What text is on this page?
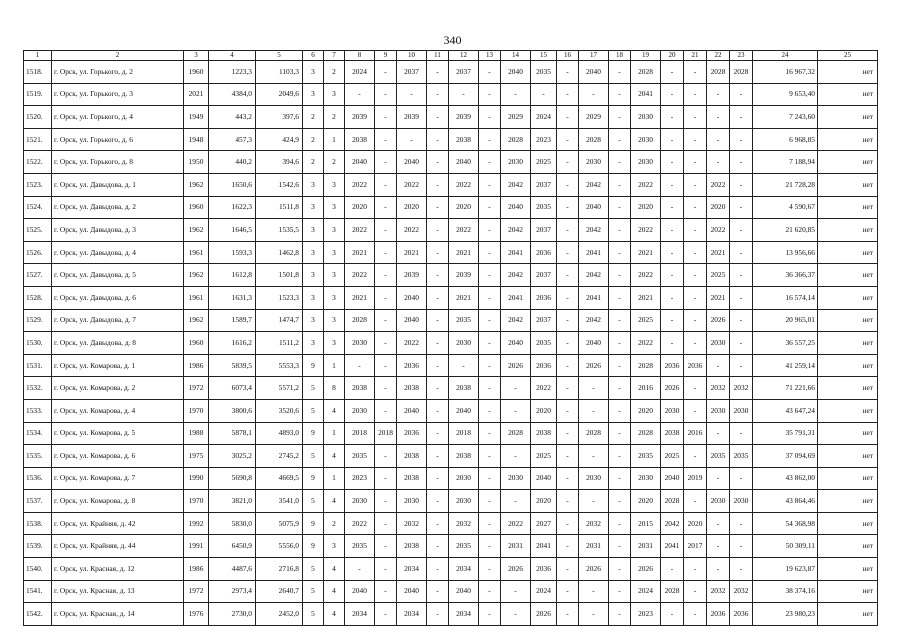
340
1	2	3	4	5	6	7	8	9	10	11	12	13	14	15	16	17	18	19	20	21	22	23	24	25
1518.	г. Орск, ул. Горького, д. 2	1960	1223,3	1103,3	3	2	2024	-	2037	-	2037	-	2040	2035	-	2040	-	2028	-	-	2028	2028	16 967,32	нет
1519.	г. Орск, ул. Горького, д. 3	2021	4384,0	2049,6	3	3	-	-	-	-	-	-	-	-	-	-	-	2041	-	-	-	-	9 653,40	нет
1520.	г. Орск, ул. Горького, д. 4	1949	443,2	397,6	2	2	2039	-	2039	-	2039	-	2029	2024	-	2029	-	2030	-	-	-	-	7 243,60	нет
1521.	г. Орск, ул. Горького, д. 6	1948	457,3	424,9	2	1	2038	-	-	-	2038	-	2028	2023	-	2028	-	2030	-	-	-	-	6 968,85	нет
1522.	г. Орск, ул. Горького, д. 8	1950	440,2	394,6	2	2	2040	-	2040	-	2040	-	2030	2025	-	2030	-	2030	-	-	-	-	7 188,94	нет
1523.	г. Орск, ул. Давыдова, д. 1	1962	1650,6	1542,6	3	3	2022	-	2022	-	2022	-	2042	2037	-	2042	-	2022	-	-	2022	-	21 728,28	нет
1524.	г. Орск, ул. Давыдова, д. 2	1960	1622,3	1511,8	3	3	2020	-	2020	-	2020	-	2040	2035	-	2040	-	2020	-	-	2020	-	4 590,67	нет
1525.	г. Орск, ул. Давыдова, д. 3	1962	1646,5	1535,5	3	3	2022	-	2022	-	2022	-	2042	2037	-	2042	-	2022	-	-	2022	-	21 620,85	нет
1526.	г. Орск, ул. Давыдова, д. 4	1961	1593,3	1462,8	3	3	2021	-	2021	-	2021	-	2041	2036	-	2041	-	2021	-	-	2021	-	13 956,66	нет
1527.	г. Орск, ул. Давыдова, д. 5	1962	1612,8	1501,8	3	3	2022	-	2039	-	2039	-	2042	2037	-	2042	-	2022	-	-	2025	-	36 366,37	нет
1528.	г. Орск, ул. Давыдова, д. 6	1961	1631,3	1523,3	3	3	2021	-	2040	-	2021	-	2041	2036	-	2041	-	2021	-	-	2021	-	16 574,14	нет
1529.	г. Орск, ул. Давыдова, д. 7	1962	1589,7	1474,7	3	3	2028	-	2040	-	2035	-	2042	2037	-	2042	-	2025	-	-	2026	-	20 965,01	нет
1530.	г. Орск, ул. Давыдова, д. 8	1960	1616,2	1511,2	3	3	2030	-	2022	-	2030	-	2040	2035	-	2040	-	2022	-	-	2030	-	36 557,25	нет
1531.	г. Орск, ул. Комарова, д. 1	1986	5839,5	5553,3	9	1	-	-	2036	-	-	-	2026	2036	-	2026	-	2028	2036	2036	-	-	41 259,14	нет
1532.	г. Орск, ул. Комарова, д. 2	1972	6073,4	5571,2	5	8	2038	-	2038	-	2038	-	-	2022	-	-	-	2016	2026	-	2032	2032	71 221,66	нет
1533.	г. Орск, ул. Комарова, д. 4	1970	3800,6	3520,6	5	4	2030	-	2040	-	2040	-	-	2020	-	-	-	2020	2030	-	2030	2030	43 647,24	нет
1534.	г. Орск, ул. Комарова, д. 5	1988	5878,1	4893,0	9	1	2018	2018	2036	-	2018	-	2028	2038	-	2028	-	2028	2038	2016	-	-	35 791,31	нет
1535.	г. Орск, ул. Комарова, д. 6	1975	3025,2	2745,2	5	4	2035	-	2038	-	2038	-	-	2025	-	-	-	2035	2025	-	2035	2035	37 094,69	нет
1536.	г. Орск, ул. Комарова, д. 7	1990	5690,8	4669,5	9	1	2023	-	2038	-	2030	-	2030	2040	-	2030	-	2030	2040	2019	-	-	43 862,00	нет
1537.	г. Орск, ул. Комарова, д. 8	1970	3821,0	3541,0	5	4	2030	-	2030	-	2030	-	-	2020	-	-	-	2020	2028	-	2030	2030	43 864,46	нет
1538.	г. Орск, ул. Крайняя, д. 42	1992	5830,0	5075,9	9	2	2022	-	2032	-	2032	-	2022	2027	-	2032	-	2015	2042	2020	-	-	54 368,98	нет
1539.	г. Орск, ул. Крайняя, д. 44	1991	6450,9	5556,0	9	3	2035	-	2038	-	2035	-	2031	2041	-	2031	-	2031	2041	2017	-	-	50 309,11	нет
1540.	г. Орск, ул. Красная, д. 12	1986	4487,6	2716,8	5	4	-	-	2034	-	2034	-	2026	2036	-	2026	-	2026	-	-	-	-	19 623,87	нет
1541.	г. Орск, ул. Красная, д. 13	1972	2973,4	2640,7	5	4	2040	-	2040	-	2040	-	-	2024	-	-	-	2024	2028	-	2032	2032	38 374,16	нет
1542.	г. Орск, ул. Красная, д. 14	1976	2730,0	2452,0	5	4	2034	-	2034	-	2034	-	-	2026	-	-	-	2023	-	-	2036	2036	23 980,23	нет
